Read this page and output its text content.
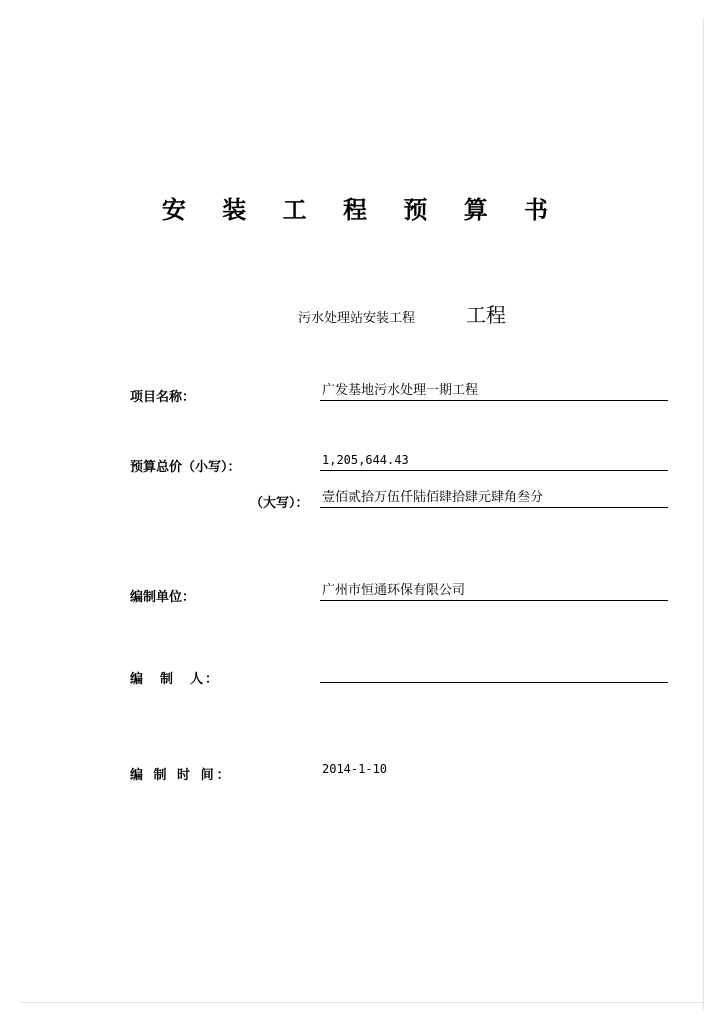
安 装 工 程 预 算 书
污水处理站安装工程	工程
项目名称：	广发基地污水处理一期工程
预算总价（小写）：	1,205,644.43
（大写）： 壹佰贰拾万伍仟陆佰肆拾肆元肆角叁分
编制单位：	广州市恒通环保有限公司
编　制　人：
编 制 时 间：	2014-1-10
